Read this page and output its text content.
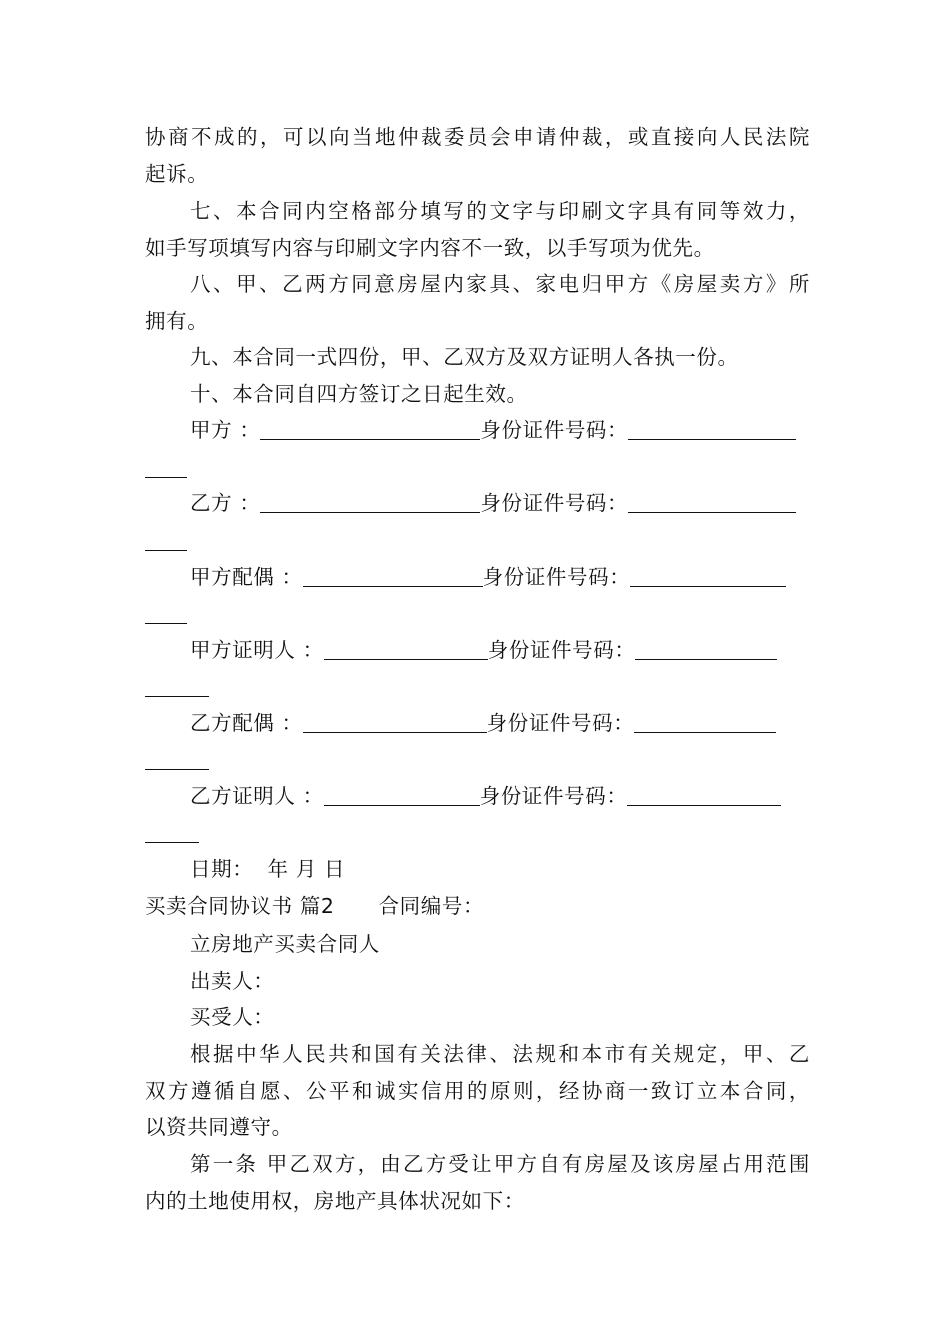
协商不成的，可以向当地仲裁委员会申请仲裁，或直接向人民法院
起诉。
七、本合同内空格部分填写的文字与印刷文字具有同等效力，
如手写项填写内容与印刷文字内容不一致，以手写项为优先。
八、甲、乙两方同意房屋内家具、家电归甲方《房屋卖方》所
拥有。
九、本合同一式四份，甲、乙双方及双方证明人各执一份。
十、本合同自四方签订之日起生效。
甲方 ：	身份证件号码：
乙方 ：	身份证件号码：
甲方配偶 ：	身份证件号码：
甲方证明人 ：	身份证件号码：
乙方配偶 ：	身份证件号码：
乙方证明人 ：	身份证件号码：
日期：  年 月 日
买卖合同协议书 篇2 合同编号：
立房地产买卖合同人
出卖人：
买受人：
根据中华人民共和国有关法律、法规和本市有关规定，甲、乙
双方遵循自愿、公平和诚实信用的原则，经协商一致订立本合同，
以资共同遵守。
第一条 甲乙双方，由乙方受让甲方自有房屋及该房屋占用范围
内的土地使用权，房地产具体状况如下：
